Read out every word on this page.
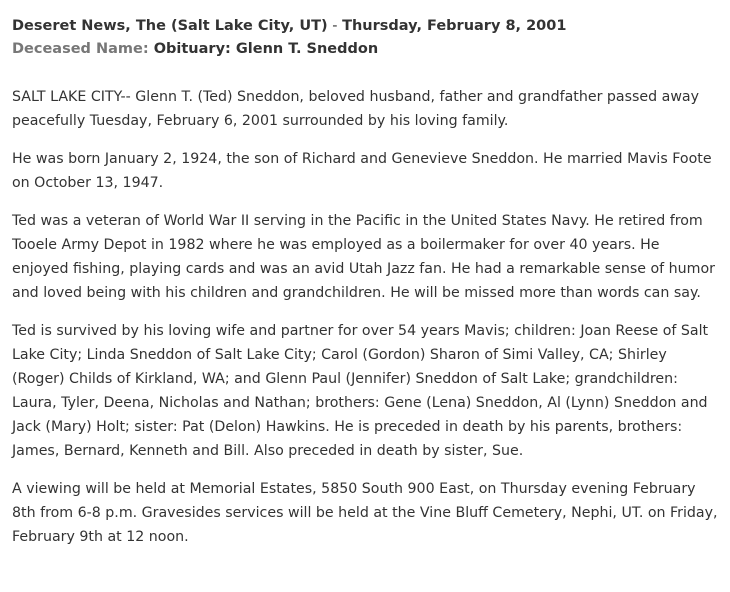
Deseret News, The (Salt Lake City, UT) - Thursday, February 8, 2001
Deceased Name: Obituary: Glenn T. Sneddon

SALT LAKE CITY-- Glenn T. (Ted) Sneddon, beloved husband, father and grandfather passed away peacefully Tuesday, February 6, 2001 surrounded by his loving family.

He was born January 2, 1924, the son of Richard and Genevieve Sneddon. He married Mavis Foote on October 13, 1947.

Ted was a veteran of World War II serving in the Pacific in the United States Navy. He retired from Tooele Army Depot in 1982 where he was employed as a boilermaker for over 40 years. He enjoyed fishing, playing cards and was an avid Utah Jazz fan. He had a remarkable sense of humor and loved being with his children and grandchildren. He will be missed more than words can say.

Ted is survived by his loving wife and partner for over 54 years Mavis; children: Joan Reese of Salt Lake City; Linda Sneddon of Salt Lake City; Carol (Gordon) Sharon of Simi Valley, CA; Shirley (Roger) Childs of Kirkland, WA; and Glenn Paul (Jennifer) Sneddon of Salt Lake; grandchildren: Laura, Tyler, Deena, Nicholas and Nathan; brothers: Gene (Lena) Sneddon, Al (Lynn) Sneddon and Jack (Mary) Holt; sister: Pat (Delon) Hawkins. He is preceded in death by his parents, brothers: James, Bernard, Kenneth and Bill. Also preceded in death by sister, Sue.

A viewing will be held at Memorial Estates, 5850 South 900 East, on Thursday evening February 8th from 6-8 p.m. Gravesides services will be held at the Vine Bluff Cemetery, Nephi, UT. on Friday, February 9th at 12 noon.
